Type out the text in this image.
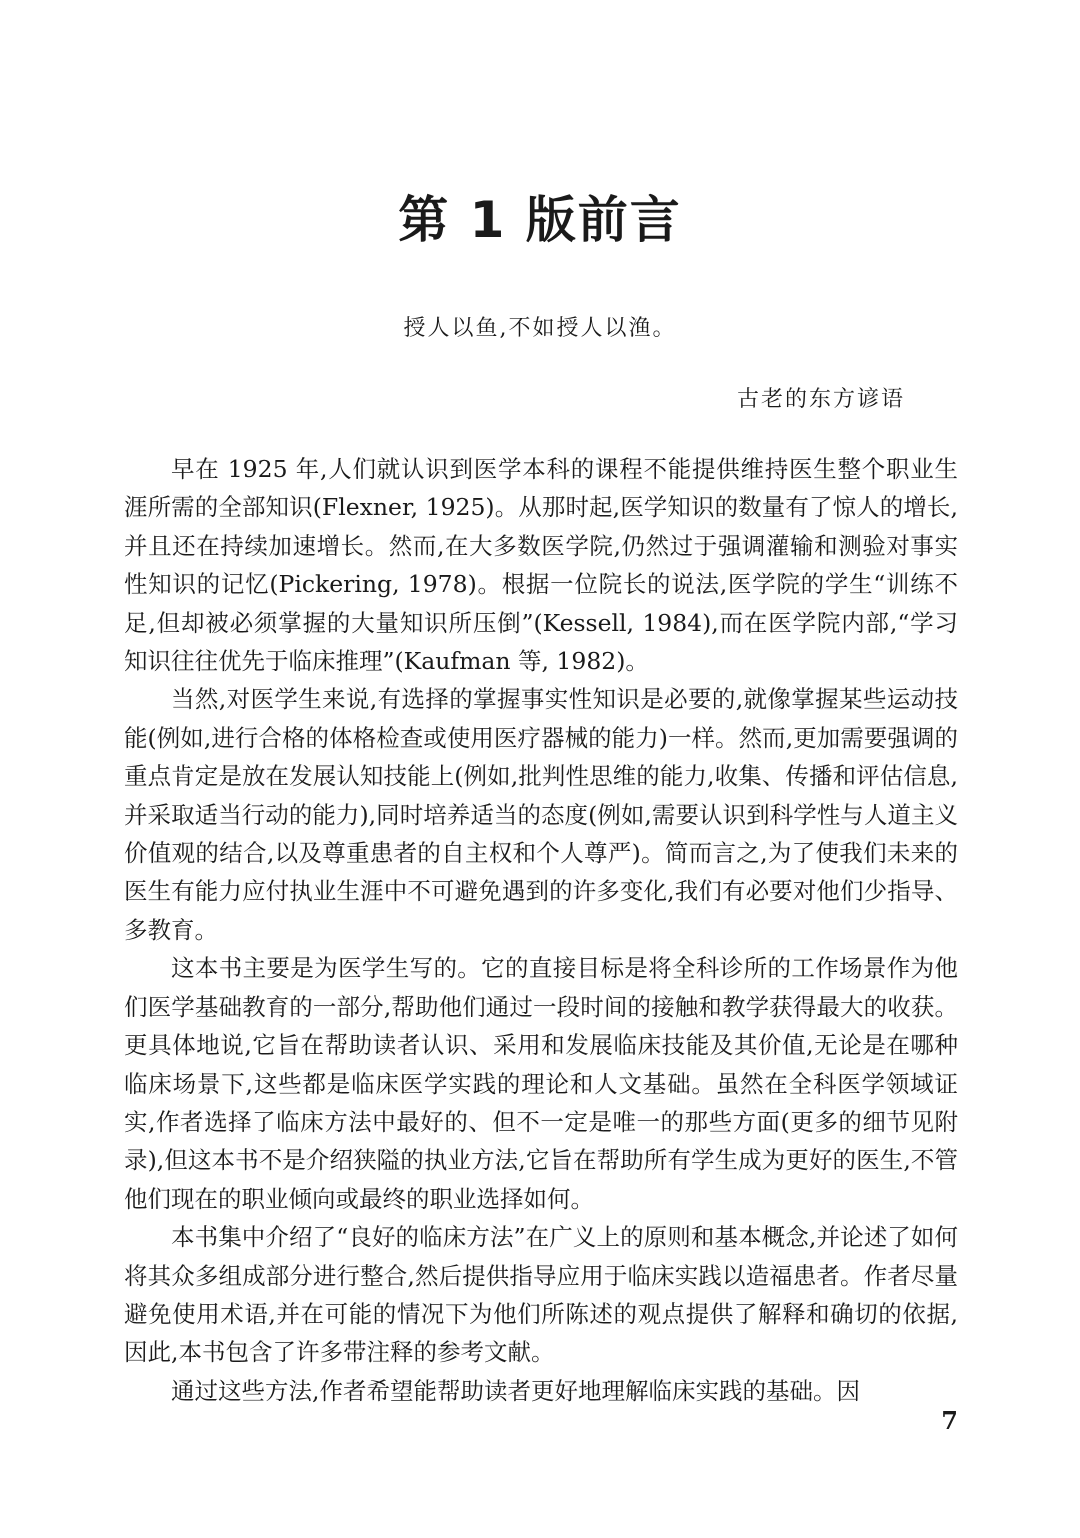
第 1 版前言
授人以鱼,不如授人以渔。
古老的东方谚语

早在 1925 年,人们就认识到医学本科的课程不能提供维持医生整个职业生涯所需的全部知识(Flexner, 1925)。从那时起,医学知识的数量有了惊人的增长,并且还在持续加速增长。然而,在大多数医学院,仍然过于强调灌输和测验对事实性知识的记忆(Pickering, 1978)。根据一位院长的说法,医学院的学生“训练不足,但却被必须掌握的大量知识所压倒”(Kessell, 1984),而在医学院内部,“学习知识往往优先于临床推理”(Kaufman 等, 1982)。

当然,对医学生来说,有选择的掌握事实性知识是必要的,就像掌握某些运动技能(例如,进行合格的体格检查或使用医疗器械的能力)一样。然而,更加需要强调的重点肯定是放在发展认知技能上(例如,批判性思维的能力,收集、传播和评估信息,并采取适当行动的能力),同时培养适当的态度(例如,需要认识到科学性与人道主义价值观的结合,以及尊重患者的自主权和个人尊严)。简而言之,为了使我们未来的医生有能力应付执业生涯中不可避免遇到的许多变化,我们有必要对他们少指导、多教育。

这本书主要是为医学生写的。它的直接目标是将全科诊所的工作场景作为他们医学基础教育的一部分,帮助他们通过一段时间的接触和教学获得最大的收获。更具体地说,它旨在帮助读者认识、采用和发展临床技能及其价值,无论是在哪种临床场景下,这些都是临床医学实践的理论和人文基础。虽然在全科医学领域证实,作者选择了临床方法中最好的、但不一定是唯一的那些方面(更多的细节见附录),但这本书不是介绍狭隘的执业方法,它旨在帮助所有学生成为更好的医生,不管他们现在的职业倾向或最终的职业选择如何。

本书集中介绍了“良好的临床方法”在广义上的原则和基本概念,并论述了如何将其众多组成部分进行整合,然后提供指导应用于临床实践以造福患者。作者尽量避免使用术语,并在可能的情况下为他们所陈述的观点提供了解释和确切的依据,因此,本书包含了许多带注释的参考文献。

通过这些方法,作者希望能帮助读者更好地理解临床实践的基础。因

7
